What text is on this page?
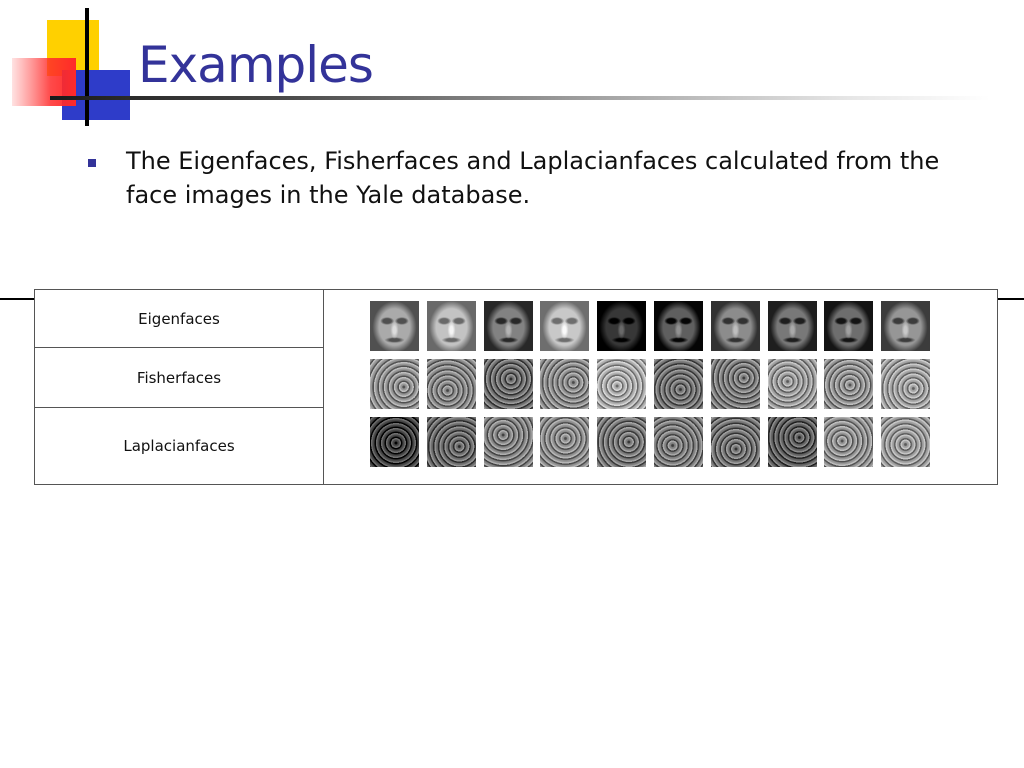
Examples
The Eigenfaces, Fisherfaces and Laplacianfaces calculated from the face images in the Yale database.
Eigenfaces
Fisherfaces
Laplacianfaces
